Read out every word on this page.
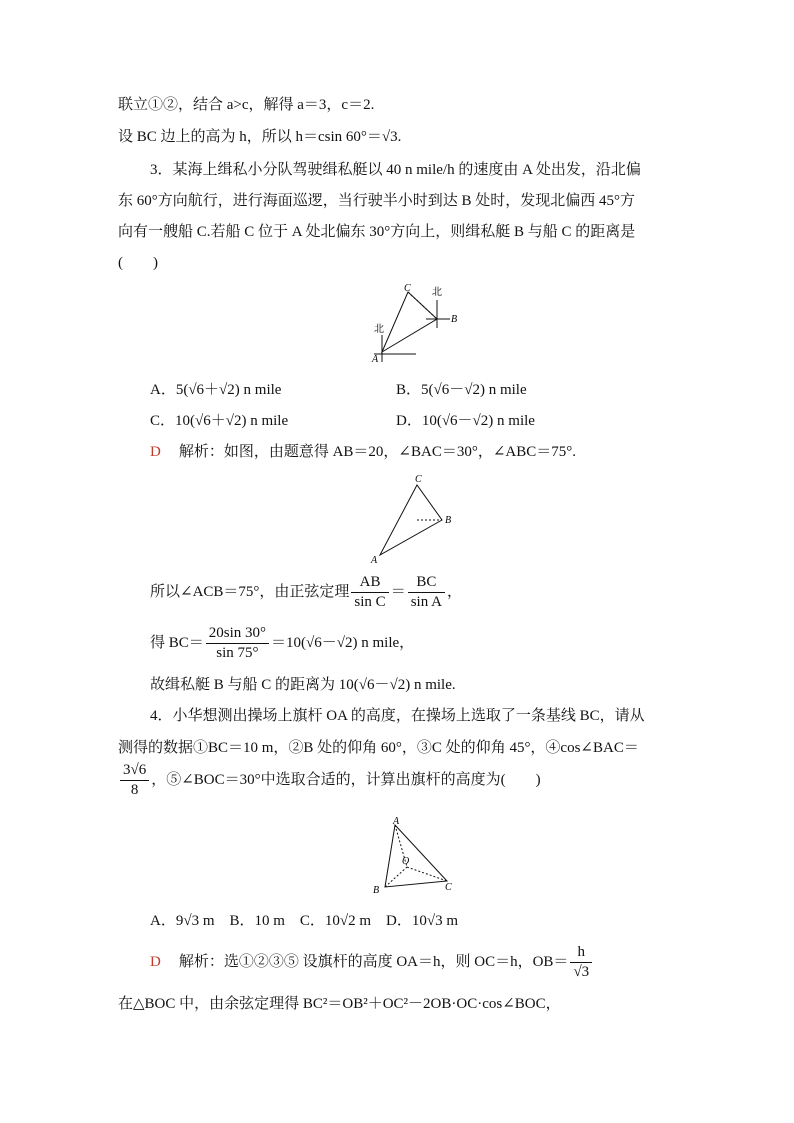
联立①②，结合 a>c，解得 a＝3，c＝2.
设 BC 边上的高为 h，所以 h＝csin 60°＝√3.
3．某海上缉私小分队驾驶缉私艇以 40 n mile/h 的速度由 A 处出发，沿北偏
东 60°方向航行，进行海面巡逻，当行驶半小时到达 B 处时，发现北偏西 45°方
向有一艘船 C.若船 C 位于 A 处北偏东 30°方向上，则缉私艇 B 与船 C 的距离是
(　　)
C
B
A
北
北
A．5(√6＋√2) n mile	B．5(√6－√2) n mile
C．10(√6＋√2) n mile	D．10(√6－√2) n mile
D 解析：如图，由题意得 AB＝20，∠BAC＝30°，∠ABC＝75°.
C
B
A
所以∠ACB＝75°，由正弦定理 $\frac{AB}{\text{sin C}} = \frac{BC}{\text{sin A}}$ ，
得 $BC= \frac{20\sin 30^\circ}{\sin 75^\circ} =10(√6-√2)$ n mile，
故缉私艇 B 与船 C 的距离为 10(√6－√2) n mile.
4．小华想测出操场上旗杆 OA 的高度，在操场上选取了一条基线 BC，请从
测得的数据①BC＝10 m，②B 处的仰角 60°，③C 处的仰角 45°，④cos∠BAC＝
$\frac{3√6}{8}$ ，⑤∠BOC＝30°中选取合适的，计算出旗杆的高度为(　　)
A
O
B	C
A．9√3 m　B．10 m　C．10√2 m　D．10√3 m
D 解析：选①②③⑤ 设旗杆的高度 OA＝h，则 OC＝h，$OB= \frac{h}{√3}$
在△BOC 中，由余弦定理得 BC²＝OB²＋OC²－2OB·OC·cos∠BOC，
